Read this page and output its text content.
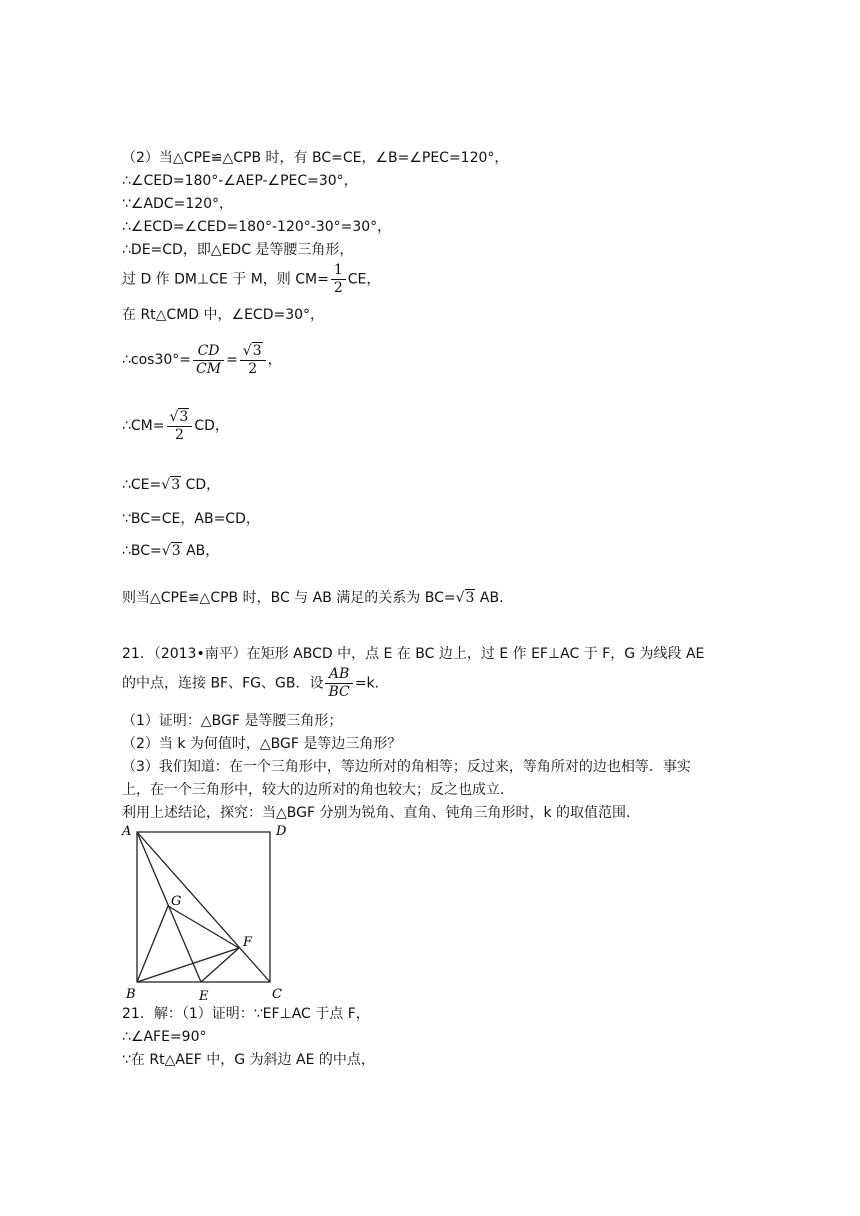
（2）当△CPE≌△CPB 时，有 BC=CE，∠B=∠PEC=120°，
∴∠CED=180°-∠AEP-∠PEC=30°，
∵∠ADC=120°，
∴∠ECD=∠CED=180°-120°-30°=30°，
∴DE=CD，即△EDC 是等腰三角形，
过 D 作 DM⊥CE 于 M，则 $CM= \frac{1}{2}$ CE，
在 Rt△CMD 中，∠ECD=30°，
∴cos30°= $\frac{CD}{CM} = \frac{√3}{2}$ ，
∴CM= $\frac{√3}{2}$ CD，
∴CE=√3 CD，
∵BC=CE，AB=CD，
∴BC=√3 AB，
则当△CPE≌△CPB 时，BC 与 AB 满足的关系为 BC=√3 AB.
21．（2013•南平）在矩形 ABCD 中，点 E 在 BC 边上，过 E 作 EF⊥AC 于 F，G 为线段 AE
的中点，连接 BF、FG、GB．设 $\frac{AB}{BC} =k$.
（1）证明：△BGF 是等腰三角形；
（2）当 k 为何值时，△BGF 是等边三角形？
（3）我们知道：在一个三角形中，等边所对的角相等；反过来，等角所对的边也相等．事实
上，在一个三角形中，较大的边所对的角也较大；反之也成立.
利用上述结论，探究：当△BGF 分别为锐角、直角、钝角三角形时，k 的取值范围.
A	D
G
F
B	E	C
21．解：（1）证明：∵EF⊥AC 于点 F，
∴∠AFE=90°
∵在 Rt△AEF 中，G 为斜边 AE 的中点，
